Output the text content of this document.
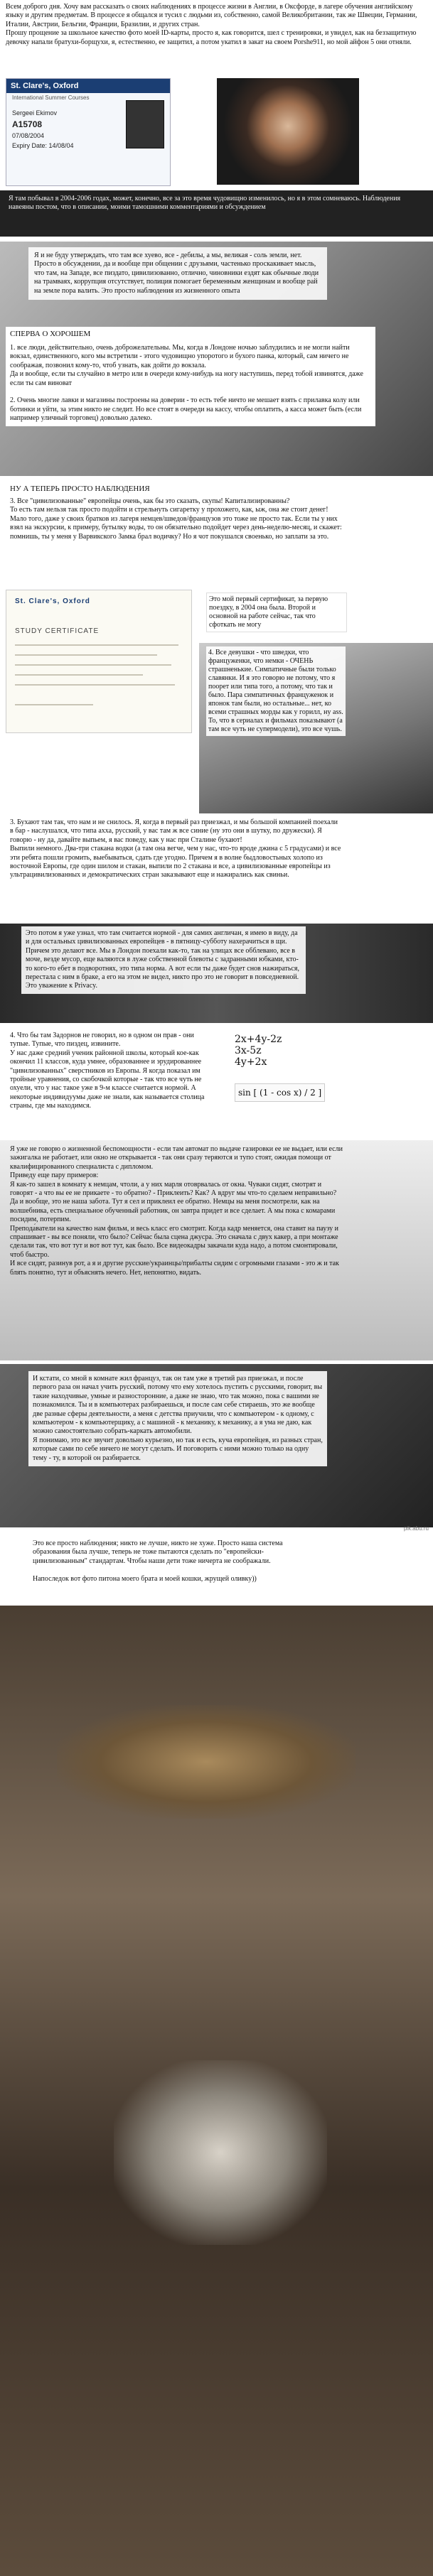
Всем доброго дня. Хочу вам рассказать о своих наблюдениях в процессе жизни в Англии, в Оксфорде, в лагере обучения английскому языку и другим предметам. В процессе я общался и тусил с людьми из, собственно, самой Великобритании, так же Швеции, Германии, Италии, Австрии, Бельгии, Франции, Бразилии, и других стран.
Прошу прощение за школьное качество фото моей ID-карты, просто я, как говорится, шел с тренировки, и увидел, как на беззащитную девочку напали братухи-борщухи, я, естественно, ее защитил, а потом укатил в закат на своем Porshe911, но мой айфон 5 они отняли.
St. Clare's, Oxford
International Summer Courses
Sergeei Ekimov
A15708
07/08/2004
Expiry Date: 14/08/04
Я там побывал в 2004-2006 годах, может, конечно, все за это время чудовищно изменилось, но я в этом сомневаюсь. Наблюдения навеяны постом, что в описании, моими тамошними комментариями и обсуждением
Я и не буду утверждать, что там все хуево, все - дебилы, а мы, великая - соль земли, нет. Просто в обсуждении, да и вообще при общении с друзьями, частенько проскакивает мысль, что там, на Западе, все пиздато, цивилизованно, отлично, чиновники ездят как обычные люди на трамваях, коррупция отсутствует, полиция помогает беременным женщинам и вообще рай на земле пора валить. Это просто наблюдения из жизненного опыта
СПЕРВА О ХОРОШЕМ
1. все люди, действительно, очень доброжелательны. Мы, когда в Лондоне ночью заблудились и не могли найти вокзал, единственного, кого мы встретили - этого чудовищно упоротого и бухого панка, который, сам ничего не соображая, позвонил кому-то, чтоб узнать, как дойти до вокзала.
Да и вообще, если ты случайно в метро или в очереди кому-нибудь на ногу наступишь, перед тобой извинятся, даже если ты сам виноват

2. Очень многие лавки и магазины построены на доверии - то есть тебе ничто не мешает взять с прилавка колу или ботинки и уйти, за этим никто не следит. Но все стоят в очереди на кассу, чтобы оплатить, а касса может быть (если например уличный торговец) довольно далеко.
НУ А ТЕПЕРЬ ПРОСТО НАБЛЮДЕНИЯ
3. Все "цивилизованные" европейцы очень, как бы это сказать, скупы! Капитализированны?
То есть там нельзя так просто подойти и стрельнуть сигаретку у прохожего, как, ыж, она же стоит денег! Мало того, даже у своих братков из лагеря немцев/шведов/французов это тоже не просто так. Если ты у них взял на экскурсии, к примеру, бутылку воды, то он обязательно подойдет через день-неделю-месяц, и скажет: помнишь, ты у меня у Варвикского Замка брал водичку? Но я чот покушался своенько, но заплати за это.
St. Clare's, Oxford
STUDY CERTIFICATE
Это мой первый сертификат, за первую поездку, в 2004 она была. Второй и основной на работе сейчас, так что сфоткать не могу
4. Все девушки - что шведки, что француженки, что немки - ОЧЕНЬ страшненькие. Симпатичные были только славянки. И я это говорю не потому, что я поорет или типа того, а потому, что так и было. Пара симпатичных француженок и японок там были, но остальные... нет, ко всеми страшных морды как у горилл, ну ass.
То, что в сериалах и фильмах показывают (а там все чуть не супермодели), это все чушь.
3. Бухают там так, что нам и не снилось. Я, когда в первый раз приезжал, и мы большой компанией поехали в бар - наслушался, что типа ахха, русский, у вас там ж все синие (ну это они в шутку, по дружески). Я говорю - ну да, давайте выпьем, я вас поведу, как у нас при Сталине бухают!
Выпили немного. Два-три стакана водки (а там она вегче, чем у нас, что-то вроде джина с 5 градусами) и все эти ребята пошли громить, выебываться, сдать где угодно. Причем я в волне быдловостьных холопо из восточной Европы, где один шилом и стакан, выпили по 2 стакана и все, а цивилизованные европейцы из ультрацивилизованных и демократических стран заказывают еще и нажирались как свиньи.
Это потом я уже узнал, что там считается нормой - для самих англичан, я имею в виду, да и для остальных цивилизованных европейцев - в пятницу-субботу нахерачиться в щи. Причем это делают все. Мы в Лондон поехали как-то, так на улицах все обблевано, все в моче, везде мусор, еще валяются в луже собственной блевоты с задранными юбками, кто-то кого-то ебет в подворотнях, это типа норма. А вот если ты даже будет снов нажираться, перестала с ним в браке, а его на этом не видел, никто про это не говорит в повседневной. Это уважение к Privacy.
4. Что бы там Задорнов не говорил, но в одном он прав - они тупые. Тупые, что пиздец, извините.
У нас даже средний ученик районной школы, который кое-как окончил 11 классов, куда умнее, образованнее и эрудированнее "цивилизованных" сверстников из Европы. Я когда показал им тройные уравнения, со скобочкой которые - так что все чуть не охуели, что у нас такое уже в 9-м классе считается нормой. А некоторые индивидуумы даже не знали, как называется столица страны, где мы находимся.
2x+4y-2z
3x-5z
4y+2x
sin [ (1 - cos x) / 2 ]
Я уже не говорю о жизненной беспомощности - если там автомат по выдаче газировки ее не выдает, или если зажигалка не работает, или окно не открывается - так они сразу теряются и тупо стоят, ожидая помощи от квалифицированного специалиста с дипломом.
Приведу еще пару примеров:
Я как-то зашел в комнату к немцам, чтоли, а у них марля отоврвалась от окна. Чуваки сидят, смотрят и говорят - а что вы ее не прикаете - то обратно? - Приклеить? Как? А вдруг мы что-то сделаем неправильно? Да и вообще, это не наша забота. Тут я сел и приклеил ее обратно. Немцы на меня посмотрели, как на волшебника, есть специальное обученный работник, он завтра придет и все сделает. А мы пока с комарами посидим, потерпим.
Препода́ватели на качество нам фильм, и весь класс его смотрит. Когда кадр меняется, она ставит на паузу и спрашивает - вы все поняли, что было? Сейчас была сцена джусра. Это сначала с двух какер, а при монтаже сделали так, что вот тут и вот вот тут, как было. Все видеокадры закачали куда надо, а потом смонтировали, чтоб быстро.
И все сидят, разинув рот, а я и другие русские/украинцы/прибалты сидим с огромными глазами - это ж и так блять понятно, тут и объяснять нечего. Нет, непонятно, видать.
И кстати, со мной в комнате жил француз, так он там уже в третий раз приезжал, и после первого раза он начал учить русский, потому что ему хотелось пустить с русскими, говорит, вы такие находчивые, умные и разносторонние, а даже не знаю, что так можно, пока с вашими не познакомился. Ты и в компьютерах разбираешься, и после сам себе стираешь, это же вообще две разные сферы деятельности, а меня с детства приучили, что с компьютером - к одному, с компьютером - к компьютерщику, а с машиной - к механику, к механику, а я ума не даю, как можно самостоятельно собрать-каркать автомобили.
Я понимаю, это все звучит довольно курьезно, но так и есть, куча европейцев, из разных стран, которые сами по себе ничего не могут сделать. И поговорить с ними можно только на одну тему - ту, в которой он разбирается.
Это все просто наблюдения; никто не лучше, никто не хуже. Просто наша система образования была лучше, теперь не тоже пытаются сделать по "европейски-цивилизованным" стандартам. Чтобы наши дети тоже ничерта не соображали.

Напоследок вот фото питона моего брата и моей кошки, жрущей оливку))
pik.abu.ru
